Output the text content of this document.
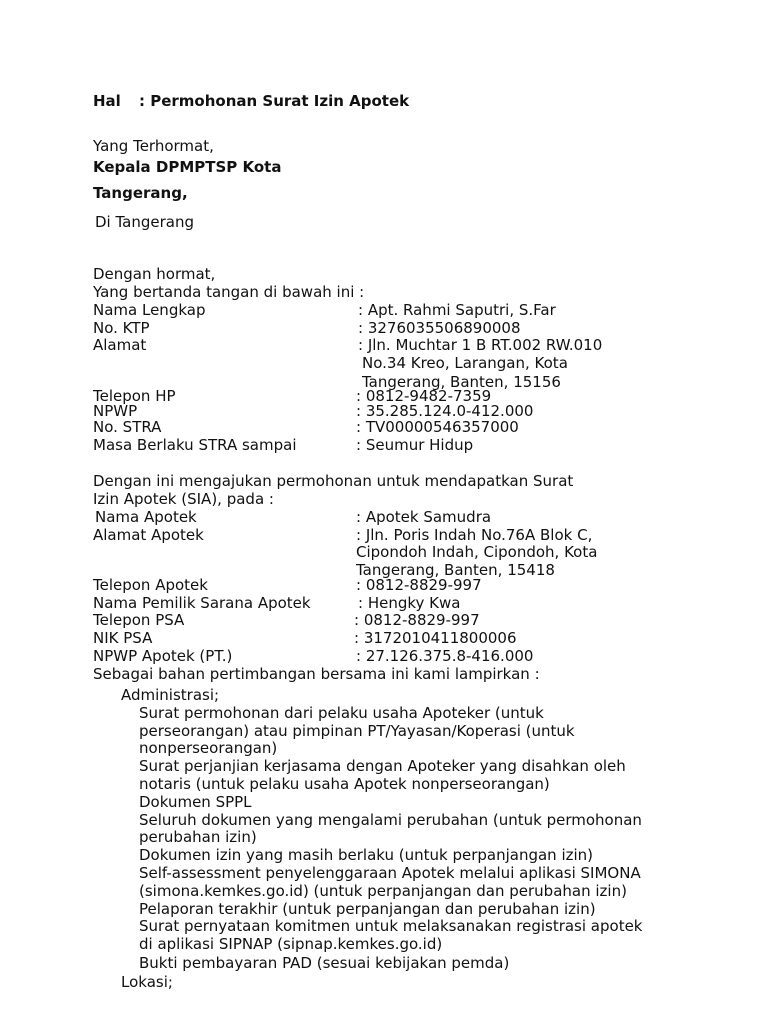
Hal : Permohonan Surat Izin Apotek
Yang Terhormat,
Kepala DPMPTSP Kota
Tangerang,
Di Tangerang
Dengan hormat,
Yang bertanda tangan di bawah ini :
Nama Lengkap	: Apt. Rahmi Saputri, S.Far
No. KTP	: 3276035506890008
Alamat	: Jln. Muchtar 1 B RT.002 RW.010
No.34 Kreo, Larangan, Kota
Tangerang, Banten, 15156
Telepon HP	: 0812-9482-7359
NPWP	: 35.285.124.0-412.000
No. STRA	: TV00000546357000
Masa Berlaku STRA sampai	: Seumur Hidup
Dengan ini mengajukan permohonan untuk mendapatkan Surat
Izin Apotek (SIA), pada :
Nama Apotek	: Apotek Samudra
Alamat Apotek	: Jln. Poris Indah No.76A Blok C,
Cipondoh Indah, Cipondoh, Kota
Tangerang, Banten, 15418
Telepon Apotek	: 0812-8829-997
Nama Pemilik Sarana Apotek	: Hengky Kwa
Telepon PSA	: 0812-8829-997
NIK PSA	: 3172010411800006
NPWP Apotek (PT.)	: 27.126.375.8-416.000
Sebagai bahan pertimbangan bersama ini kami lampirkan :
Administrasi;
Surat permohonan dari pelaku usaha Apoteker (untuk
perseorangan) atau pimpinan PT/Yayasan/Koperasi (untuk
nonperseorangan)
Surat perjanjian kerjasama dengan Apoteker yang disahkan oleh
notaris (untuk pelaku usaha Apotek nonperseorangan)
Dokumen SPPL
Seluruh dokumen yang mengalami perubahan (untuk permohonan
perubahan izin)
Dokumen izin yang masih berlaku (untuk perpanjangan izin)
Self-assessment penyelenggaraan Apotek melalui aplikasi SIMONA
(simona.kemkes.go.id) (untuk perpanjangan dan perubahan izin)
Pelaporan terakhir (untuk perpanjangan dan perubahan izin)
Surat pernyataan komitmen untuk melaksanakan registrasi apotek
di aplikasi SIPNAP (sipnap.kemkes.go.id)
Bukti pembayaran PAD (sesuai kebijakan pemda)
Lokasi;
